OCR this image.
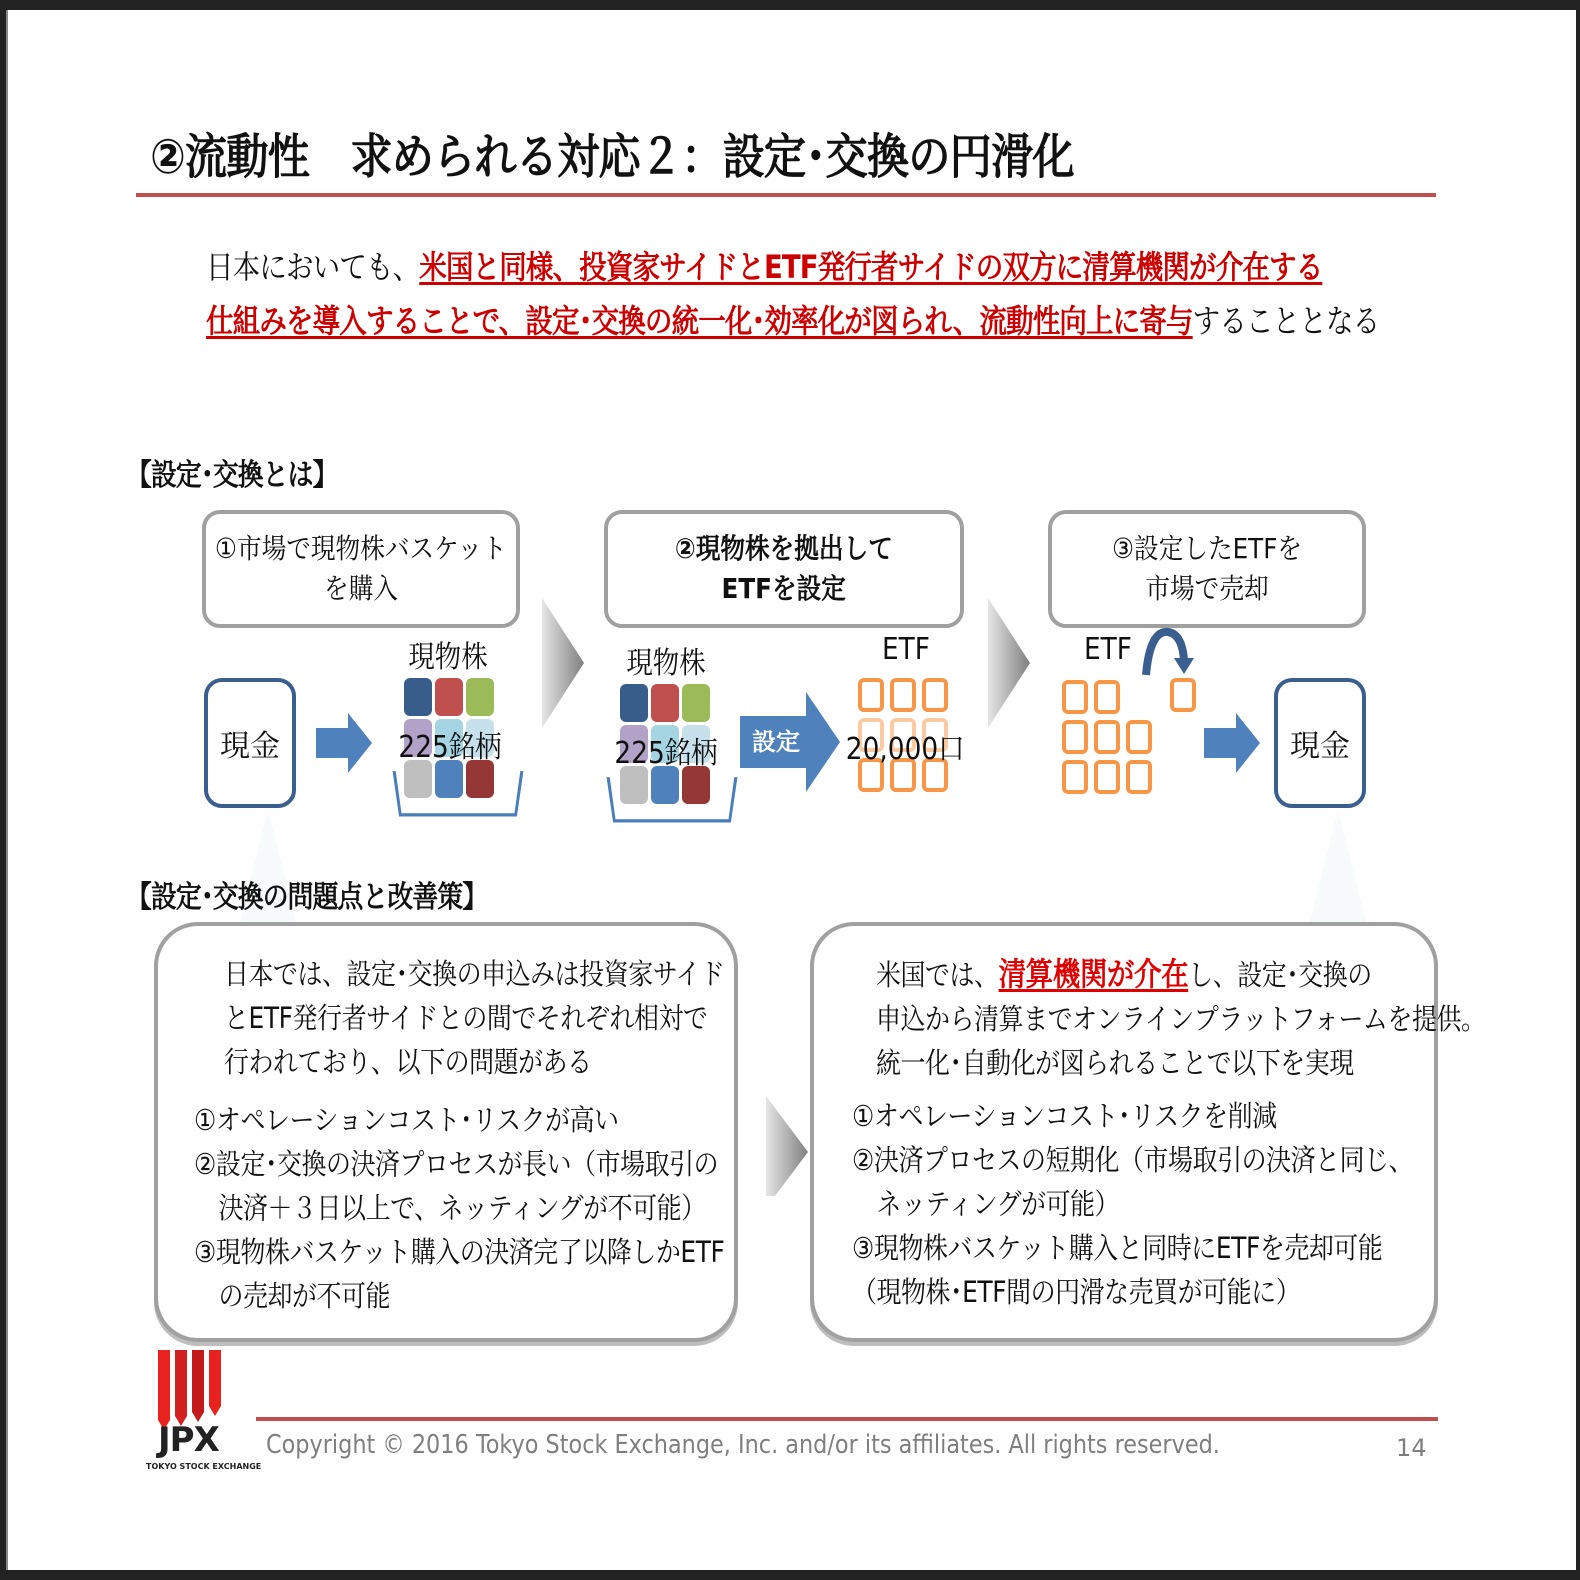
②流動性　求められる対応２：設定･交換の円滑化
日本においても、米国と同様、投資家サイドとETF発行者サイドの双方に清算機関が介在する
仕組みを導入することで、設定･交換の統一化･効率化が図られ、流動性向上に寄与することとなる
【設定･交換とは】
①市場で現物株バスケット
を購入
②現物株を拠出して
ETFを設定
③設定したETFを
市場で売却
現金
現物株
225銘柄
現物株
225銘柄 設定
ETF
20,000口
ETF
現金
【設定･交換の問題点と改善策】
日本では、設定･交換の申込みは投資家サイド
とETF発行者サイドとの間でそれぞれ相対で
行われており、以下の問題がある
①オペレーションコスト･リスクが高い
②設定･交換の決済プロセスが長い（市場取引の
　決済＋３日以上で、ネッティングが不可能）
③現物株バスケット購入の決済完了以降しかETF
　の売却が不可能
米国では、清算機関が介在し、設定･交換の
申込から清算までオンラインプラットフォームを提供。
統一化･自動化が図られることで以下を実現
①オペレーションコスト･リスクを削減
②決済プロセスの短期化（市場取引の決済と同じ、
　ネッティングが可能）
③現物株バスケット購入と同時にETFを売却可能
（現物株･ETF間の円滑な売買が可能に）
JPX
TOKYO STOCK EXCHANGE
Copyright © 2016 Tokyo Stock Exchange, Inc. and/or its affiliates. All rights reserved.	14
